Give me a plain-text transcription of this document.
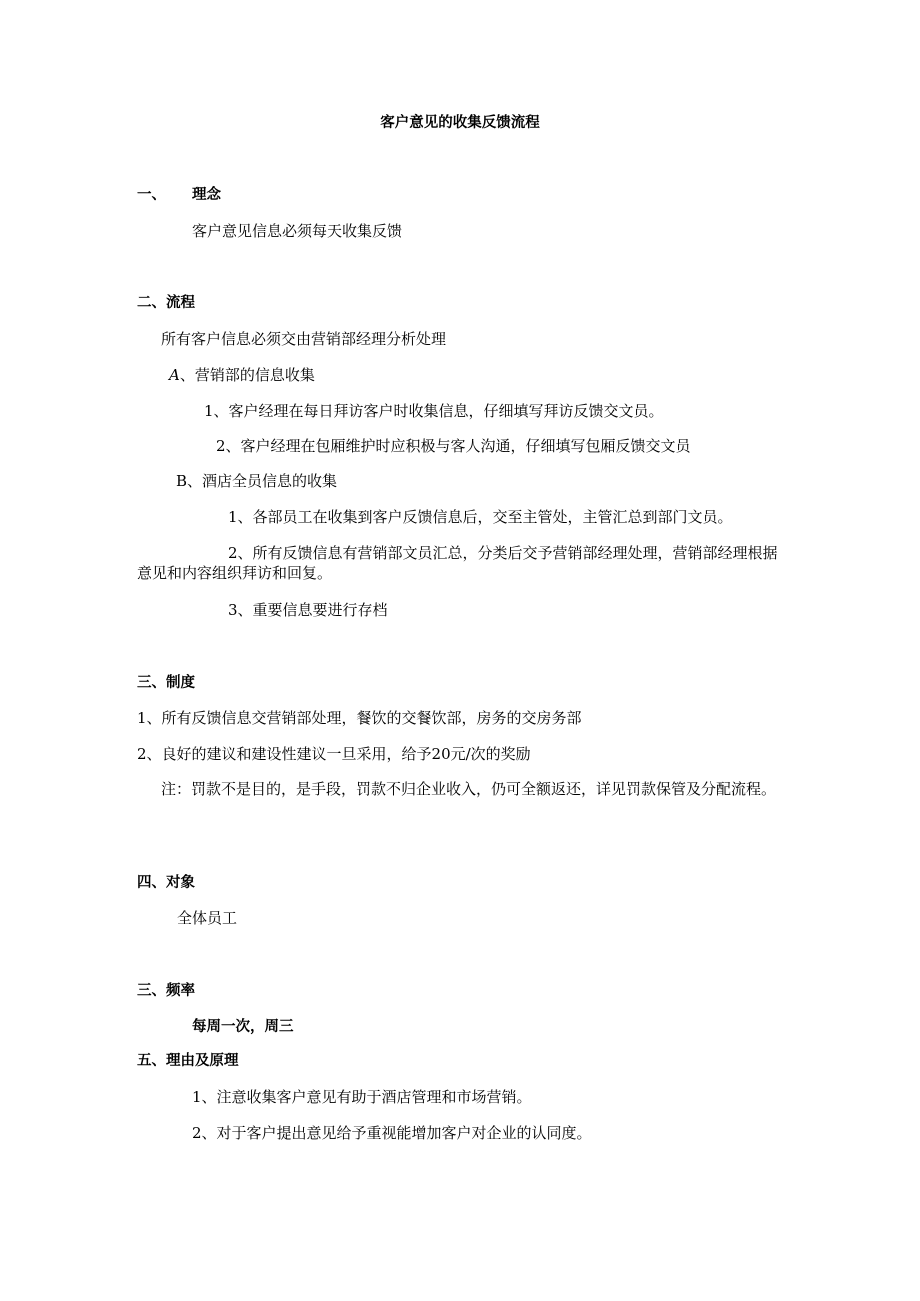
客户意见的收集反馈流程
一、 理念
客户意见信息必须每天收集反馈
二、流程
所有客户信息必须交由营销部经理分析处理
A、营销部的信息收集
1、客户经理在每日拜访客户时收集信息，仔细填写拜访反馈交文员。
2、客户经理在包厢维护时应积极与客人沟通，仔细填写包厢反馈交文员
B、酒店全员信息的收集
1、各部员工在收集到客户反馈信息后，交至主管处，主管汇总到部门文员。
2、所有反馈信息有营销部文员汇总，分类后交予营销部经理处理，营销部经理根据意见和内容组织拜访和回复。
3、重要信息要进行存档
三、制度
1、所有反馈信息交营销部处理，餐饮的交餐饮部，房务的交房务部
2、良好的建议和建设性建议一旦采用，给予20元/次的奖励
注：罚款不是目的，是手段，罚款不归企业收入，仍可全额返还，详见罚款保管及分配流程。
四、对象
全体员工
三、频率
每周一次，周三
五、理由及原理
1、注意收集客户意见有助于酒店管理和市场营销。
2、对于客户提出意见给予重视能增加客户对企业的认同度。
